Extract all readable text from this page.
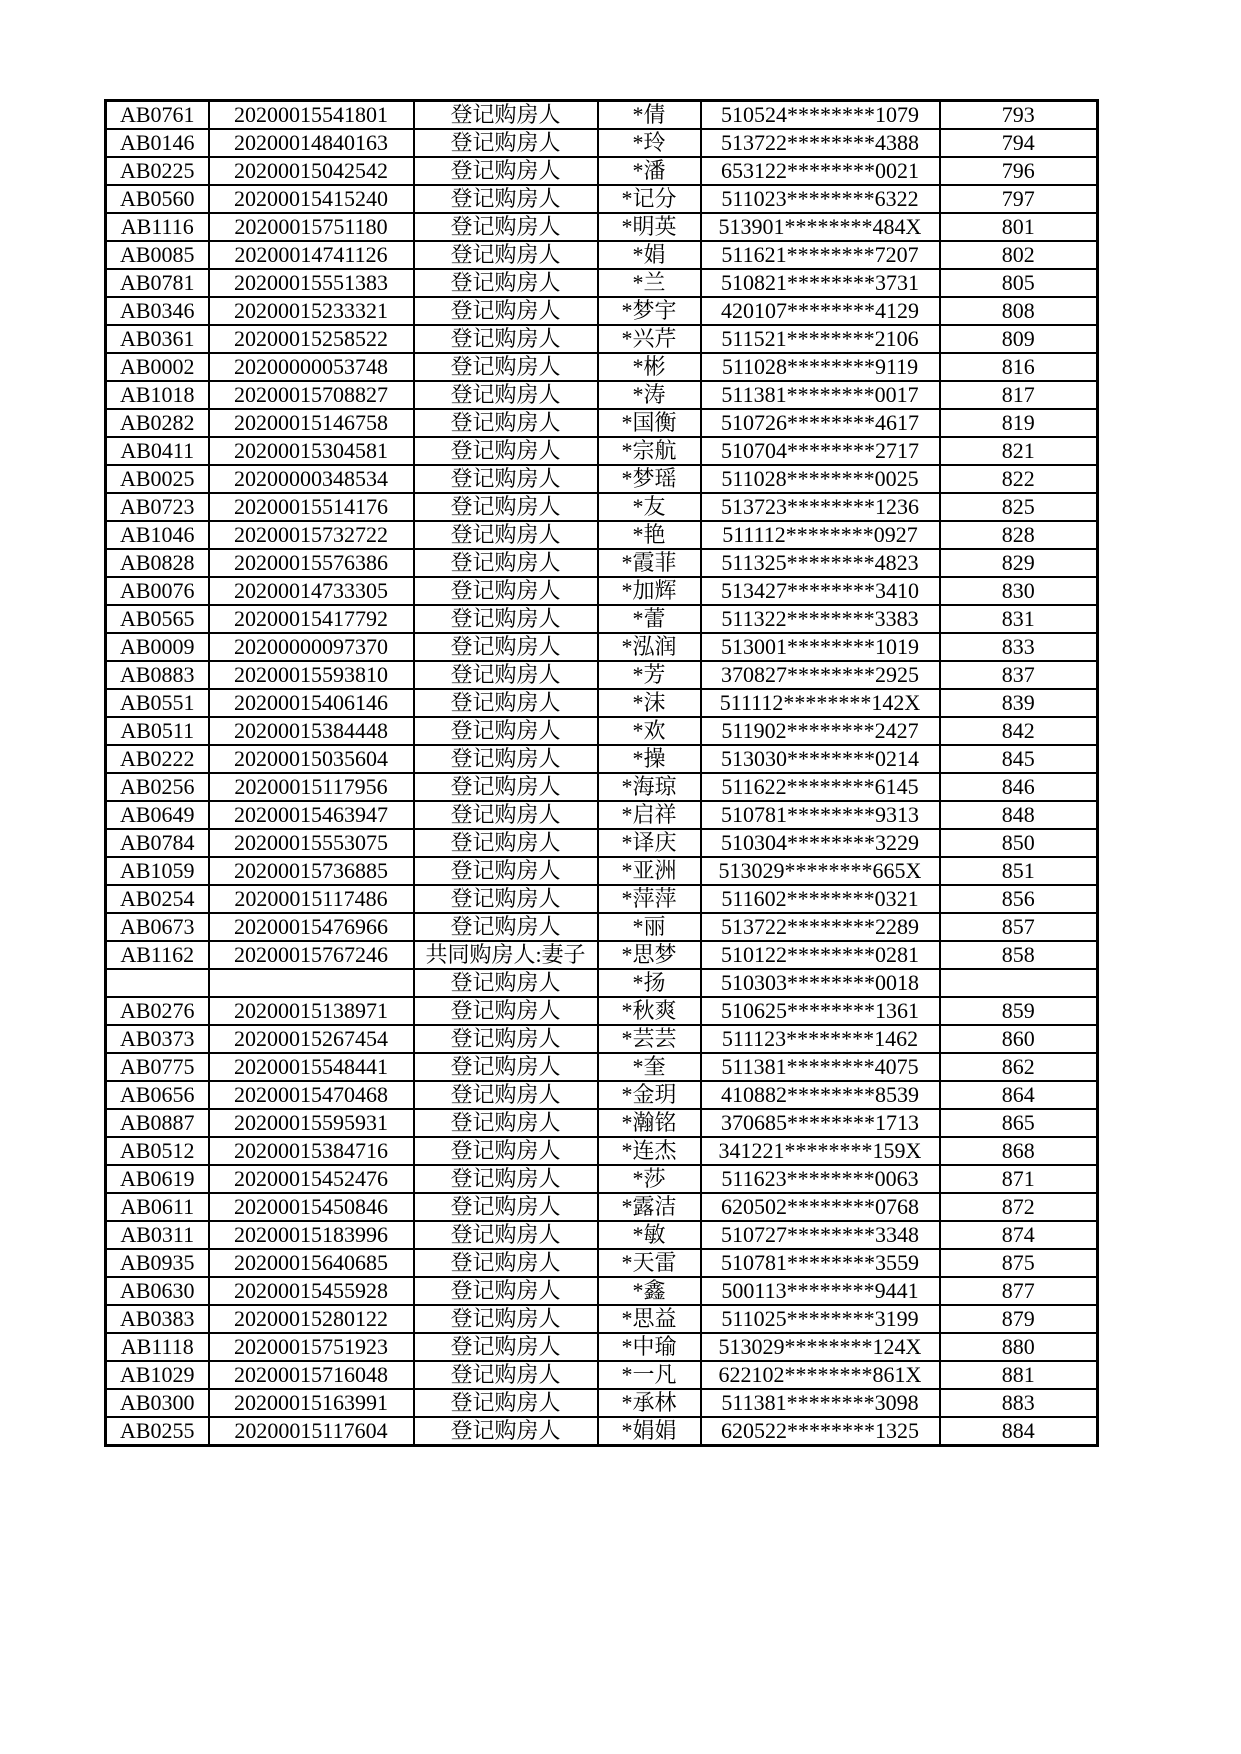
AB0761	20200015541801	登记购房人	*倩	510524********1079	793
AB0146	20200014840163	登记购房人	*玲	513722********4388	794
AB0225	20200015042542	登记购房人	*潘	653122********0021	796
AB0560	20200015415240	登记购房人	*记分	511023********6322	797
AB1116	20200015751180	登记购房人	*明英	513901********484X	801
AB0085	20200014741126	登记购房人	*娟	511621********7207	802
AB0781	20200015551383	登记购房人	*兰	510821********3731	805
AB0346	20200015233321	登记购房人	*梦宇	420107********4129	808
AB0361	20200015258522	登记购房人	*兴芹	511521********2106	809
AB0002	20200000053748	登记购房人	*彬	511028********9119	816
AB1018	20200015708827	登记购房人	*涛	511381********0017	817
AB0282	20200015146758	登记购房人	*国衡	510726********4617	819
AB0411	20200015304581	登记购房人	*宗航	510704********2717	821
AB0025	20200000348534	登记购房人	*梦瑶	511028********0025	822
AB0723	20200015514176	登记购房人	*友	513723********1236	825
AB1046	20200015732722	登记购房人	*艳	511112********0927	828
AB0828	20200015576386	登记购房人	*霞菲	511325********4823	829
AB0076	20200014733305	登记购房人	*加辉	513427********3410	830
AB0565	20200015417792	登记购房人	*蕾	511322********3383	831
AB0009	20200000097370	登记购房人	*泓润	513001********1019	833
AB0883	20200015593810	登记购房人	*芳	370827********2925	837
AB0551	20200015406146	登记购房人	*沫	511112********142X	839
AB0511	20200015384448	登记购房人	*欢	511902********2427	842
AB0222	20200015035604	登记购房人	*操	513030********0214	845
AB0256	20200015117956	登记购房人	*海琼	511622********6145	846
AB0649	20200015463947	登记购房人	*启祥	510781********9313	848
AB0784	20200015553075	登记购房人	*译庆	510304********3229	850
AB1059	20200015736885	登记购房人	*亚洲	513029********665X	851
AB0254	20200015117486	登记购房人	*萍萍	511602********0321	856
AB0673	20200015476966	登记购房人	*丽	513722********2289	857
AB1162	20200015767246	共同购房人:妻子	*思梦	510122********0281	858
		登记购房人	*扬	510303********0018	
AB0276	20200015138971	登记购房人	*秋爽	510625********1361	859
AB0373	20200015267454	登记购房人	*芸芸	511123********1462	860
AB0775	20200015548441	登记购房人	*奎	511381********4075	862
AB0656	20200015470468	登记购房人	*金玥	410882********8539	864
AB0887	20200015595931	登记购房人	*瀚铭	370685********1713	865
AB0512	20200015384716	登记购房人	*连杰	341221********159X	868
AB0619	20200015452476	登记购房人	*莎	511623********0063	871
AB0611	20200015450846	登记购房人	*露洁	620502********0768	872
AB0311	20200015183996	登记购房人	*敏	510727********3348	874
AB0935	20200015640685	登记购房人	*天雷	510781********3559	875
AB0630	20200015455928	登记购房人	*鑫	500113********9441	877
AB0383	20200015280122	登记购房人	*思益	511025********3199	879
AB1118	20200015751923	登记购房人	*中瑜	513029********124X	880
AB1029	20200015716048	登记购房人	*一凡	622102********861X	881
AB0300	20200015163991	登记购房人	*承林	511381********3098	883
AB0255	20200015117604	登记购房人	*娟娟	620522********1325	884
